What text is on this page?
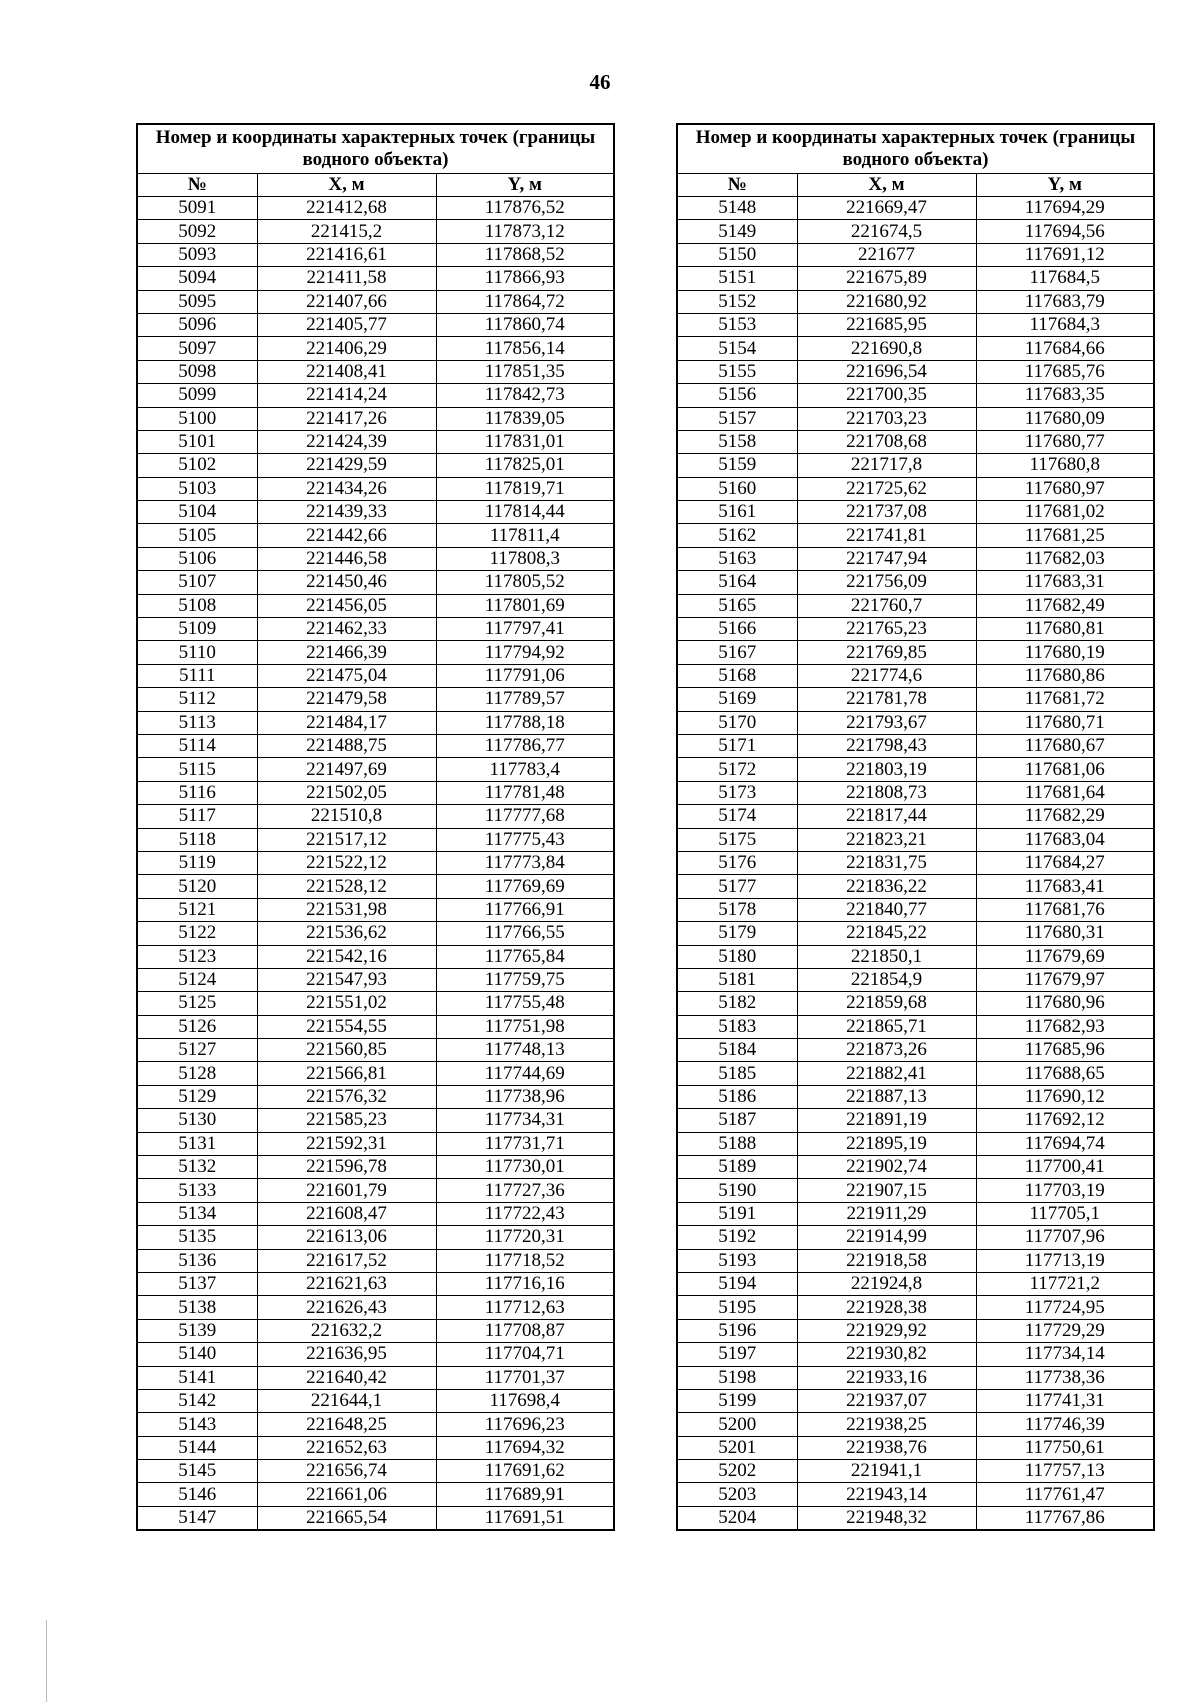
46
Номер и координаты характерных точек (границы водного объекта)		
№	X, м	Y, м
5091	221412,68	117876,52
5092	221415,2	117873,12
5093	221416,61	117868,52
5094	221411,58	117866,93
5095	221407,66	117864,72
5096	221405,77	117860,74
5097	221406,29	117856,14
5098	221408,41	117851,35
5099	221414,24	117842,73
5100	221417,26	117839,05
5101	221424,39	117831,01
5102	221429,59	117825,01
5103	221434,26	117819,71
5104	221439,33	117814,44
5105	221442,66	117811,4
5106	221446,58	117808,3
5107	221450,46	117805,52
5108	221456,05	117801,69
5109	221462,33	117797,41
5110	221466,39	117794,92
5111	221475,04	117791,06
5112	221479,58	117789,57
5113	221484,17	117788,18
5114	221488,75	117786,77
5115	221497,69	117783,4
5116	221502,05	117781,48
5117	221510,8	117777,68
5118	221517,12	117775,43
5119	221522,12	117773,84
5120	221528,12	117769,69
5121	221531,98	117766,91
5122	221536,62	117766,55
5123	221542,16	117765,84
5124	221547,93	117759,75
5125	221551,02	117755,48
5126	221554,55	117751,98
5127	221560,85	117748,13
5128	221566,81	117744,69
5129	221576,32	117738,96
5130	221585,23	117734,31
5131	221592,31	117731,71
5132	221596,78	117730,01
5133	221601,79	117727,36
5134	221608,47	117722,43
5135	221613,06	117720,31
5136	221617,52	117718,52
5137	221621,63	117716,16
5138	221626,43	117712,63
5139	221632,2	117708,87
5140	221636,95	117704,71
5141	221640,42	117701,37
5142	221644,1	117698,4
5143	221648,25	117696,23
5144	221652,63	117694,32
5145	221656,74	117691,62
5146	221661,06	117689,91
5147	221665,54	117691,51
Номер и координаты характерных точек (границы водного объекта)		
№	X, м	Y, м
5148	221669,47	117694,29
5149	221674,5	117694,56
5150	221677	117691,12
5151	221675,89	117684,5
5152	221680,92	117683,79
5153	221685,95	117684,3
5154	221690,8	117684,66
5155	221696,54	117685,76
5156	221700,35	117683,35
5157	221703,23	117680,09
5158	221708,68	117680,77
5159	221717,8	117680,8
5160	221725,62	117680,97
5161	221737,08	117681,02
5162	221741,81	117681,25
5163	221747,94	117682,03
5164	221756,09	117683,31
5165	221760,7	117682,49
5166	221765,23	117680,81
5167	221769,85	117680,19
5168	221774,6	117680,86
5169	221781,78	117681,72
5170	221793,67	117680,71
5171	221798,43	117680,67
5172	221803,19	117681,06
5173	221808,73	117681,64
5174	221817,44	117682,29
5175	221823,21	117683,04
5176	221831,75	117684,27
5177	221836,22	117683,41
5178	221840,77	117681,76
5179	221845,22	117680,31
5180	221850,1	117679,69
5181	221854,9	117679,97
5182	221859,68	117680,96
5183	221865,71	117682,93
5184	221873,26	117685,96
5185	221882,41	117688,65
5186	221887,13	117690,12
5187	221891,19	117692,12
5188	221895,19	117694,74
5189	221902,74	117700,41
5190	221907,15	117703,19
5191	221911,29	117705,1
5192	221914,99	117707,96
5193	221918,58	117713,19
5194	221924,8	117721,2
5195	221928,38	117724,95
5196	221929,92	117729,29
5197	221930,82	117734,14
5198	221933,16	117738,36
5199	221937,07	117741,31
5200	221938,25	117746,39
5201	221938,76	117750,61
5202	221941,1	117757,13
5203	221943,14	117761,47
5204	221948,32	117767,86
